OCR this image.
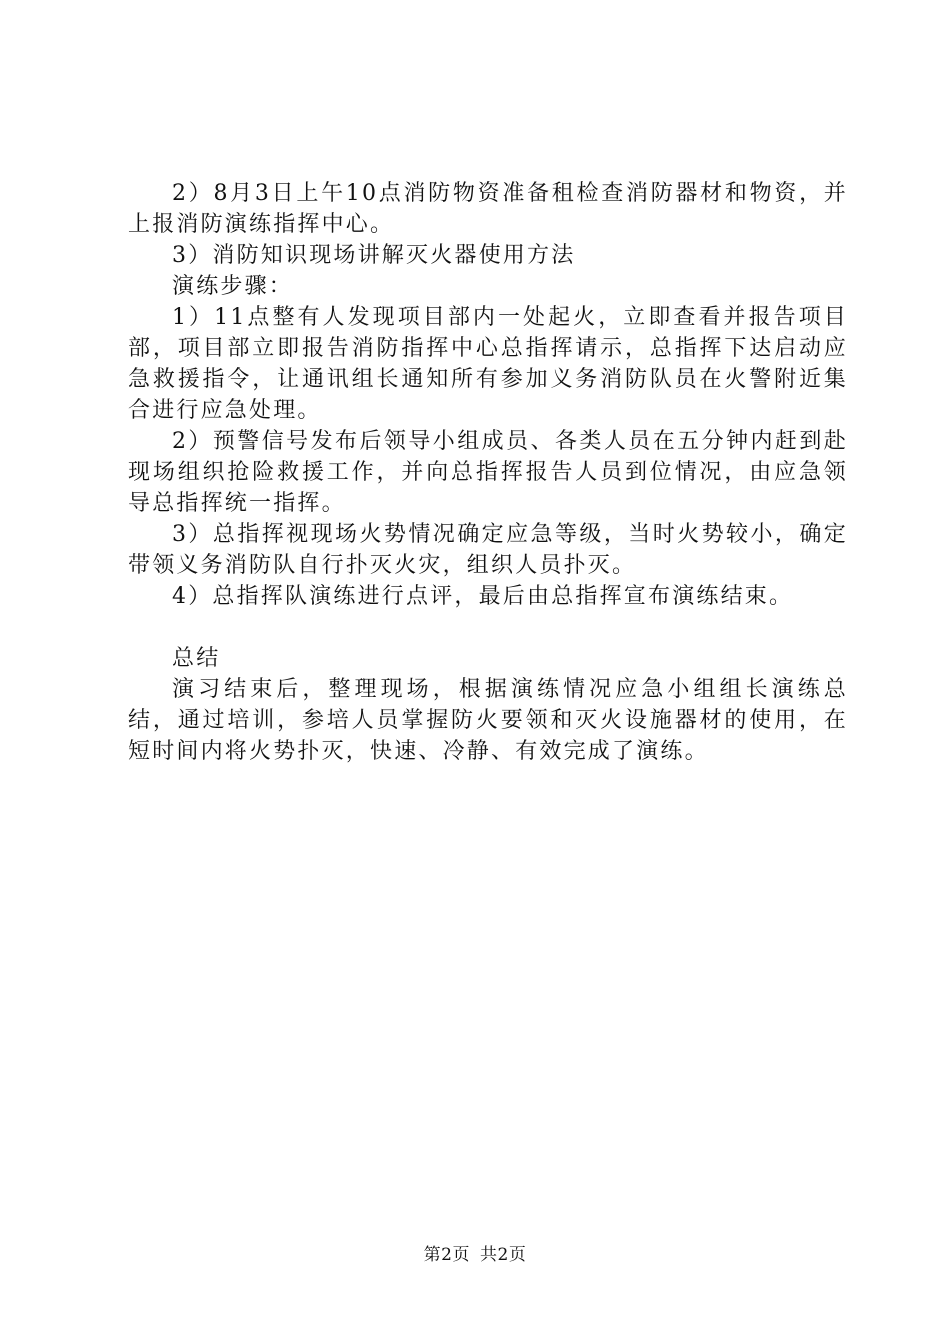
2）8月3日上午10点消防物资准备租检查消防器材和物资，并上报消防演练指挥中心。

3）消防知识现场讲解灭火器使用方法

演练步骤：

1）11点整有人发现项目部内一处起火，立即查看并报告项目部，项目部立即报告消防指挥中心总指挥请示，总指挥下达启动应急救援指令，让通讯组长通知所有参加义务消防队员在火警附近集合进行应急处理。

2）预警信号发布后领导小组成员、各类人员在五分钟内赶到赴现场组织抢险救援工作，并向总指挥报告人员到位情况，由应急领导总指挥统一指挥。

3）总指挥视现场火势情况确定应急等级，当时火势较小，确定带领义务消防队自行扑灭火灾，组织人员扑灭。

4）总指挥队演练进行点评，最后由总指挥宣布演练结束。

总结

演习结束后，整理现场，根据演练情况应急小组组长演练总结，通过培训，参培人员掌握防火要领和灭火设施器材的使用，在短时间内将火势扑灭，快速、冷静、有效完成了演练。

第2页 共2页
